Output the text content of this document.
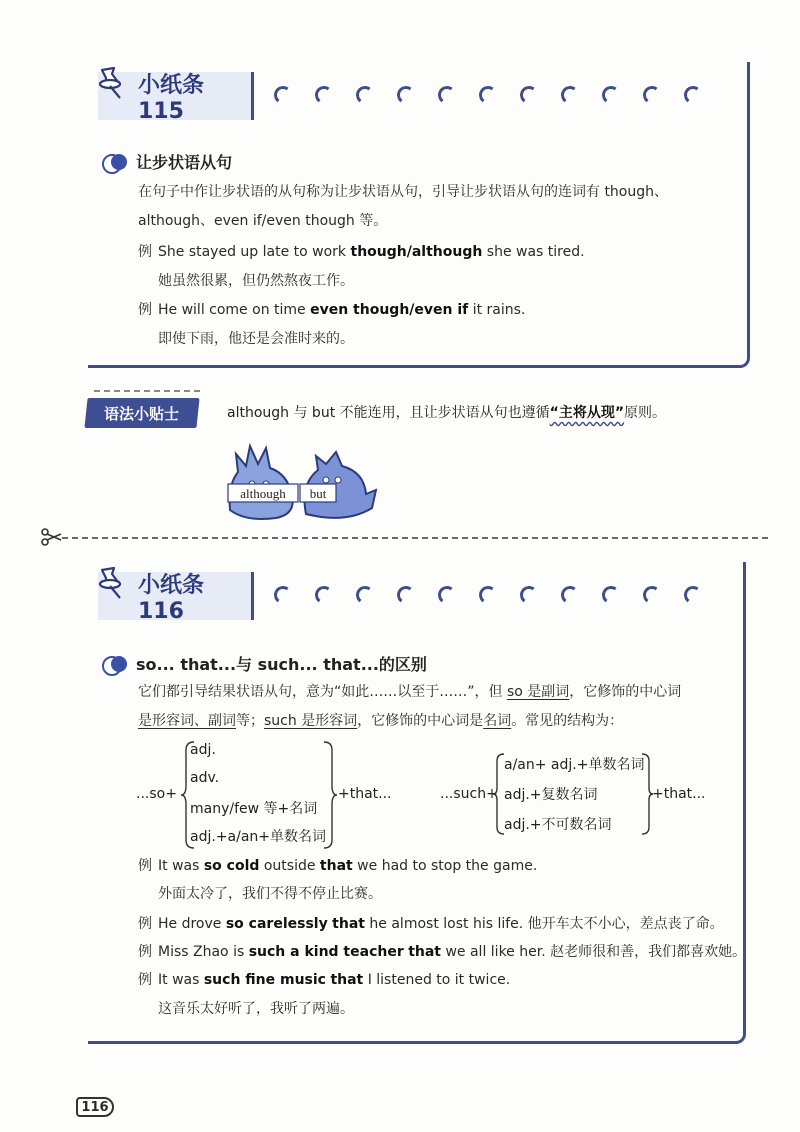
小纸条 115
让步状语从句
在句子中作让步状语的从句称为让步状语从句，引导让步状语从句的连词有 though、
although、even if/even though 等。
例 She stayed up late to work though/although she was tired.
她虽然很累，但仍然熬夜工作。
例 He will come on time even though/even if it rains.
即使下雨，他还是会准时来的。
语法小贴士	although 与 but 不能连用，且让步状语从句也遵循“主将从现”原则。
although but
小纸条 116
so... that...与 such... that...的区别
它们都引导结果状语从句，意为“如此……以至于……”，但 so 是副词，它修饰的中心词
是形容词、副词等；such 是形容词，它修饰的中心词是名词。常见的结构为：
...so+
adj.
adv.
many/few 等+名词
adj.+a/an+单数名词
+that...	...such+
a/an+ adj.+单数名词
adj.+复数名词
adj.+不可数名词
+that...
例 It was so cold outside that we had to stop the game.
外面太冷了，我们不得不停止比赛。
例 He drove so carelessly that he almost lost his life. 他开车太不小心，差点丧了命。
例 Miss Zhao is such a kind teacher that we all like her. 赵老师很和善，我们都喜欢她。
例 It was such fine music that I listened to it twice.
这音乐太好听了，我听了两遍。
116
